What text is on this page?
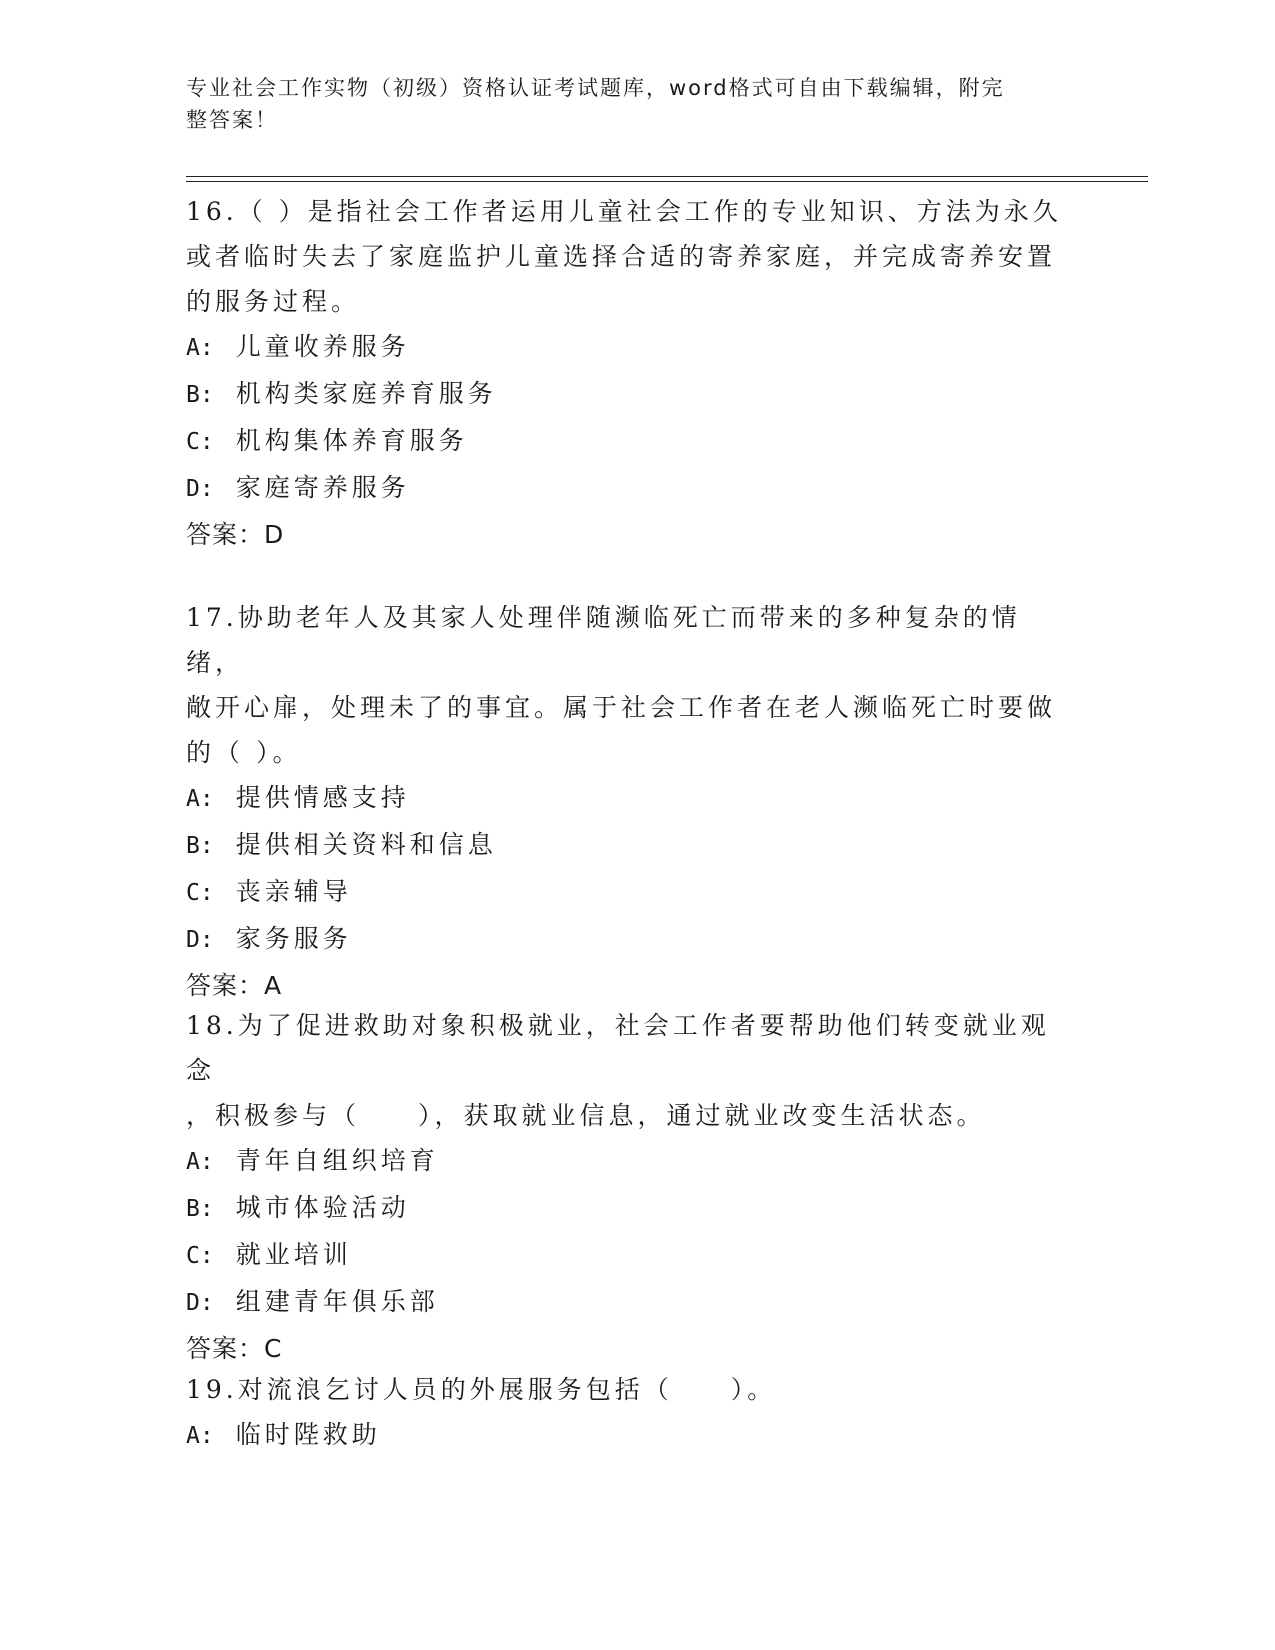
专业社会工作实物（初级）资格认证考试题库，word格式可自由下载编辑，附完
整答案！

16.（ ）是指社会工作者运用儿童社会工作的专业知识、方法为永久

或者临时失去了家庭监护儿童选择合适的寄养家庭，并完成寄养安置

的服务过程。

A: 儿童收养服务
B: 机构类家庭养育服务
C: 机构集体养育服务
D: 家庭寄养服务

答案：D

17.协助老年人及其家人处理伴随濒临死亡而带来的多种复杂的情绪，

敞开心扉，处理未了的事宜。属于社会工作者在老人濒临死亡时要做

的（ ）。

A: 提供情感支持
B: 提供相关资料和信息
C: 丧亲辅导
D: 家务服务

答案：A

18.为了促进救助对象积极就业，社会工作者要帮助他们转变就业观念

，积极参与（　　），获取就业信息，通过就业改变生活状态。

A: 青年自组织培育
B: 城市体验活动
C: 就业培训
D: 组建青年俱乐部

答案：C

19.对流浪乞讨人员的外展服务包括（　　）。

A: 临时陛救助
